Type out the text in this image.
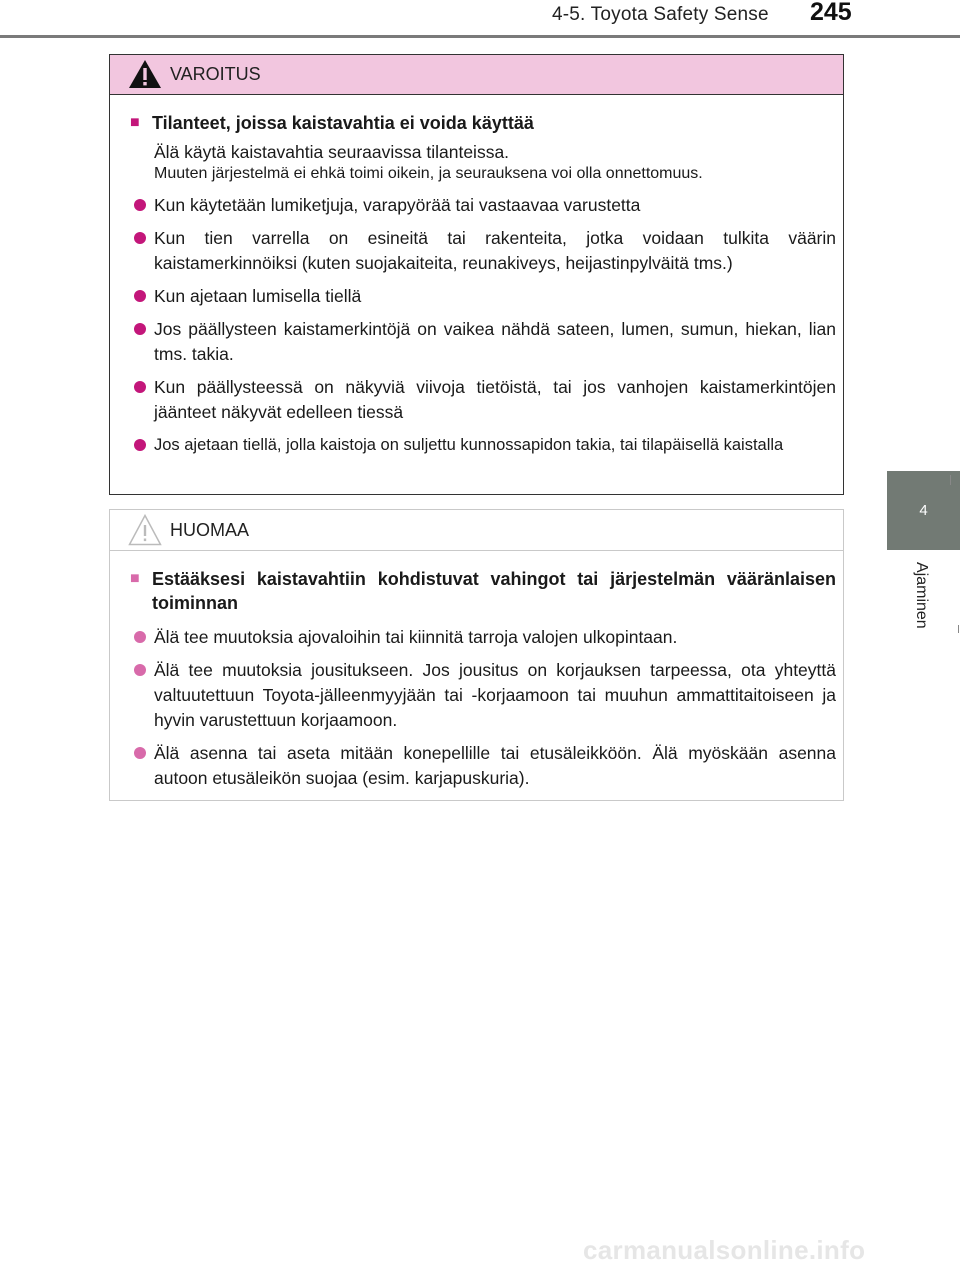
4-5. Toyota Safety Sense 245
4
Ajaminen
VAROITUS
■ Tilanteet, joissa kaistavahtia ei voida käyttää
Älä käytä kaistavahtia seuraavissa tilanteissa.
Muuten järjestelmä ei ehkä toimi oikein, ja seurauksena voi olla onnettomuus.
Kun käytetään lumiketjuja, varapyörää tai vastaavaa varustetta
Kun tien varrella on esineitä tai rakenteita, jotka voidaan tulkita väärin kaistamerkinnöiksi (kuten suojakaiteita, reunakiveys, heijastinpylväitä tms.)
Kun ajetaan lumisella tiellä
Jos päällysteen kaistamerkintöjä on vaikea nähdä sateen, lumen, sumun, hiekan, lian tms. takia.
Kun päällysteessä on näkyviä viivoja tietöistä, tai jos vanhojen kaistamerkintöjen jäänteet näkyvät edelleen tiessä
Jos ajetaan tiellä, jolla kaistoja on suljettu kunnossapidon takia, tai tilapäisellä kaistalla
HUOMAA
■ Estääksesi kaistavahtiin kohdistuvat vahingot tai järjestelmän vääränlaisen toiminnan
Älä tee muutoksia ajovaloihin tai kiinnitä tarroja valojen ulkopintaan.
Älä tee muutoksia jousitukseen. Jos jousitus on korjauksen tarpeessa, ota yhteyttä valtuutettuun Toyota-jälleenmyyjään tai -korjaamoon tai muuhun ammattitaitoiseen ja hyvin varustettuun korjaamoon.
Älä asenna tai aseta mitään konepellille tai etusäleikköön. Älä myöskään asenna autoon etusäleikön suojaa (esim. karjapuskuria).
carmanualsonline.info
